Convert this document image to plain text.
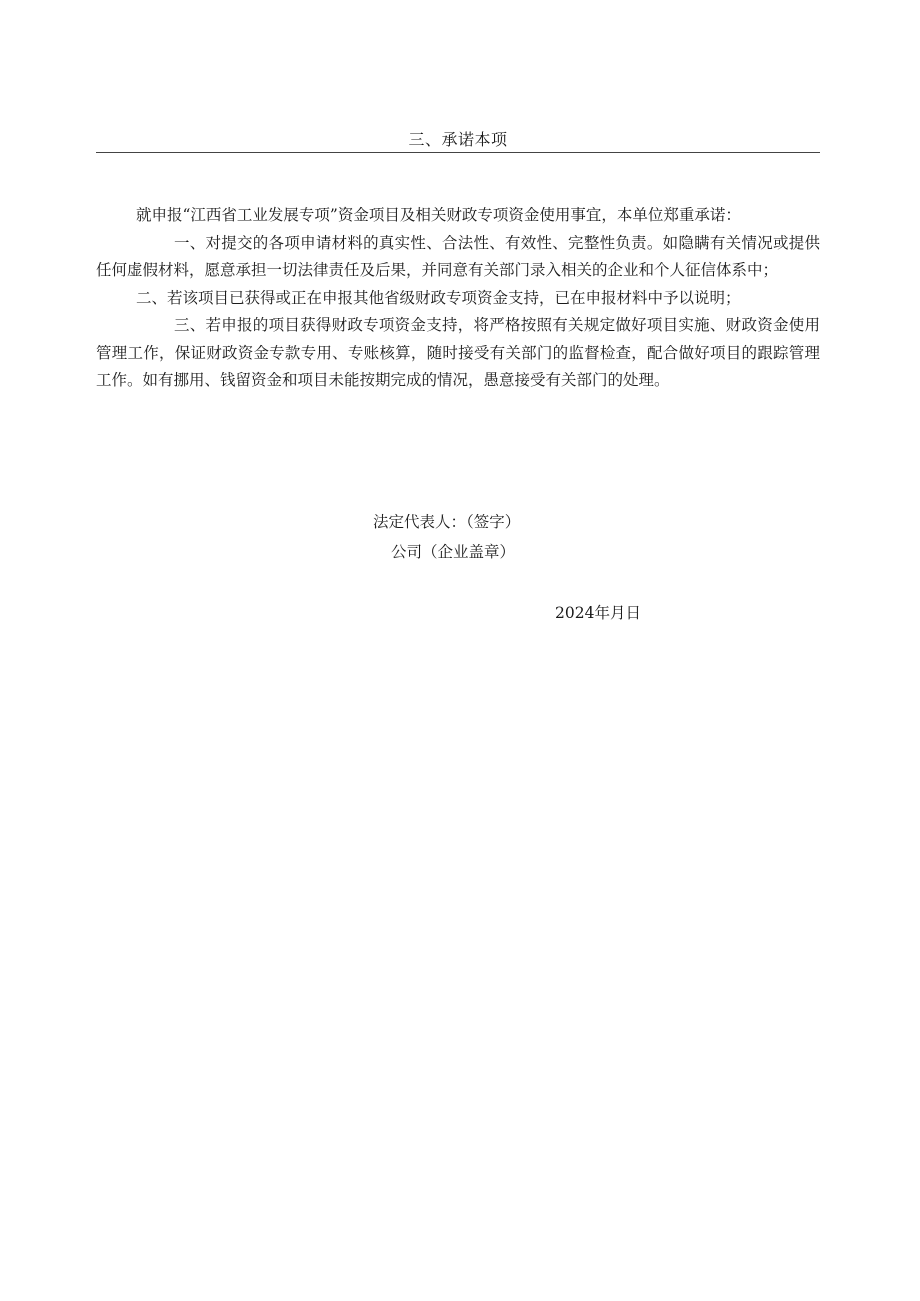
三、承诺本项

就申报“江西省工业发展专项”资金项目及相关财政专项资金使用事宜，本单位郑重承诺：

一、对提交的各项申请材料的真实性、合法性、有效性、完整性负责。如隐瞒有关情况或提供任何虚假材料，愿意承担一切法律责任及后果，并同意有关部门录入相关的企业和个人征信体系中；

二、若该项目已获得或正在申报其他省级财政专项资金支持，已在申报材料中予以说明；

三、若申报的项目获得财政专项资金支持，将严格按照有关规定做好项目实施、财政资金使用管理工作，保证财政资金专款专用、专账核算，随时接受有关部门的监督检查，配合做好项目的跟踪管理工作。如有挪用、钱留资金和项目未能按期完成的情况，愚意接受有关部门的处理。

法定代表人：（签字）
公司（企业盖章）
2024年月日
